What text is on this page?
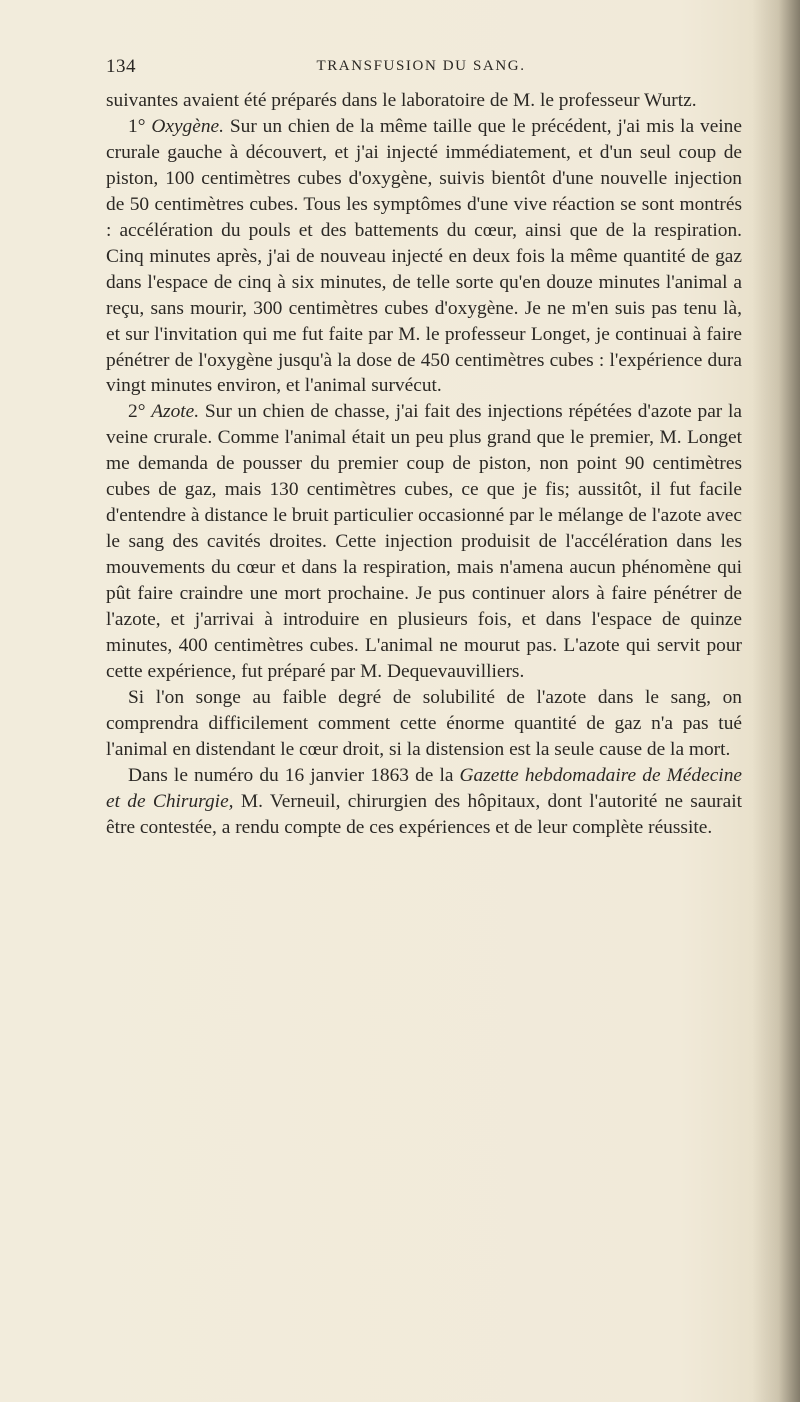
134	TRANSFUSION DU SANG.

suivantes avaient été préparés dans le laboratoire de M. le professeur Wurtz.

1° Oxygène. Sur un chien de la même taille que le précédent, j'ai mis la veine crurale gauche à découvert, et j'ai injecté immédiatement, et d'un seul coup de piston, 100 centimètres cubes d'oxygène, suivis bientôt d'une nouvelle injection de 50 centimètres cubes. Tous les symptômes d'une vive réaction se sont montrés : accélération du pouls et des battements du cœur, ainsi que de la respiration. Cinq minutes après, j'ai de nouveau injecté en deux fois la même quantité de gaz dans l'espace de cinq à six minutes, de telle sorte qu'en douze minutes l'animal a reçu, sans mourir, 300 centimètres cubes d'oxygène. Je ne m'en suis pas tenu là, et sur l'invitation qui me fut faite par M. le professeur Longet, je continuai à faire pénétrer de l'oxygène jusqu'à la dose de 450 centimètres cubes : l'expérience dura vingt minutes environ, et l'animal survécut.

2° Azote. Sur un chien de chasse, j'ai fait des injections répétées d'azote par la veine crurale. Comme l'animal était un peu plus grand que le premier, M. Longet me demanda de pousser du premier coup de piston, non point 90 centimètres cubes de gaz, mais 130 centimètres cubes, ce que je fis; aussitôt, il fut facile d'entendre à distance le bruit particulier occasionné par le mélange de l'azote avec le sang des cavités droites. Cette injection produisit de l'accélération dans les mouvements du cœur et dans la respiration, mais n'amena aucun phénomène qui pût faire craindre une mort prochaine. Je pus continuer alors à faire pénétrer de l'azote, et j'arrivai à introduire en plusieurs fois, et dans l'espace de quinze minutes, 400 centimètres cubes. L'animal ne mourut pas. L'azote qui servit pour cette expérience, fut préparé par M. Dequevauvilliers.

Si l'on songe au faible degré de solubilité de l'azote dans le sang, on comprendra difficilement comment cette énorme quantité de gaz n'a pas tué l'animal en distendant le cœur droit, si la distension est la seule cause de la mort.

Dans le numéro du 16 janvier 1863 de la Gazette hebdomadaire de Médecine et de Chirurgie, M. Verneuil, chirurgien des hôpitaux, dont l'autorité ne saurait être contestée, a rendu compte de ces expériences et de leur complète réussite.
